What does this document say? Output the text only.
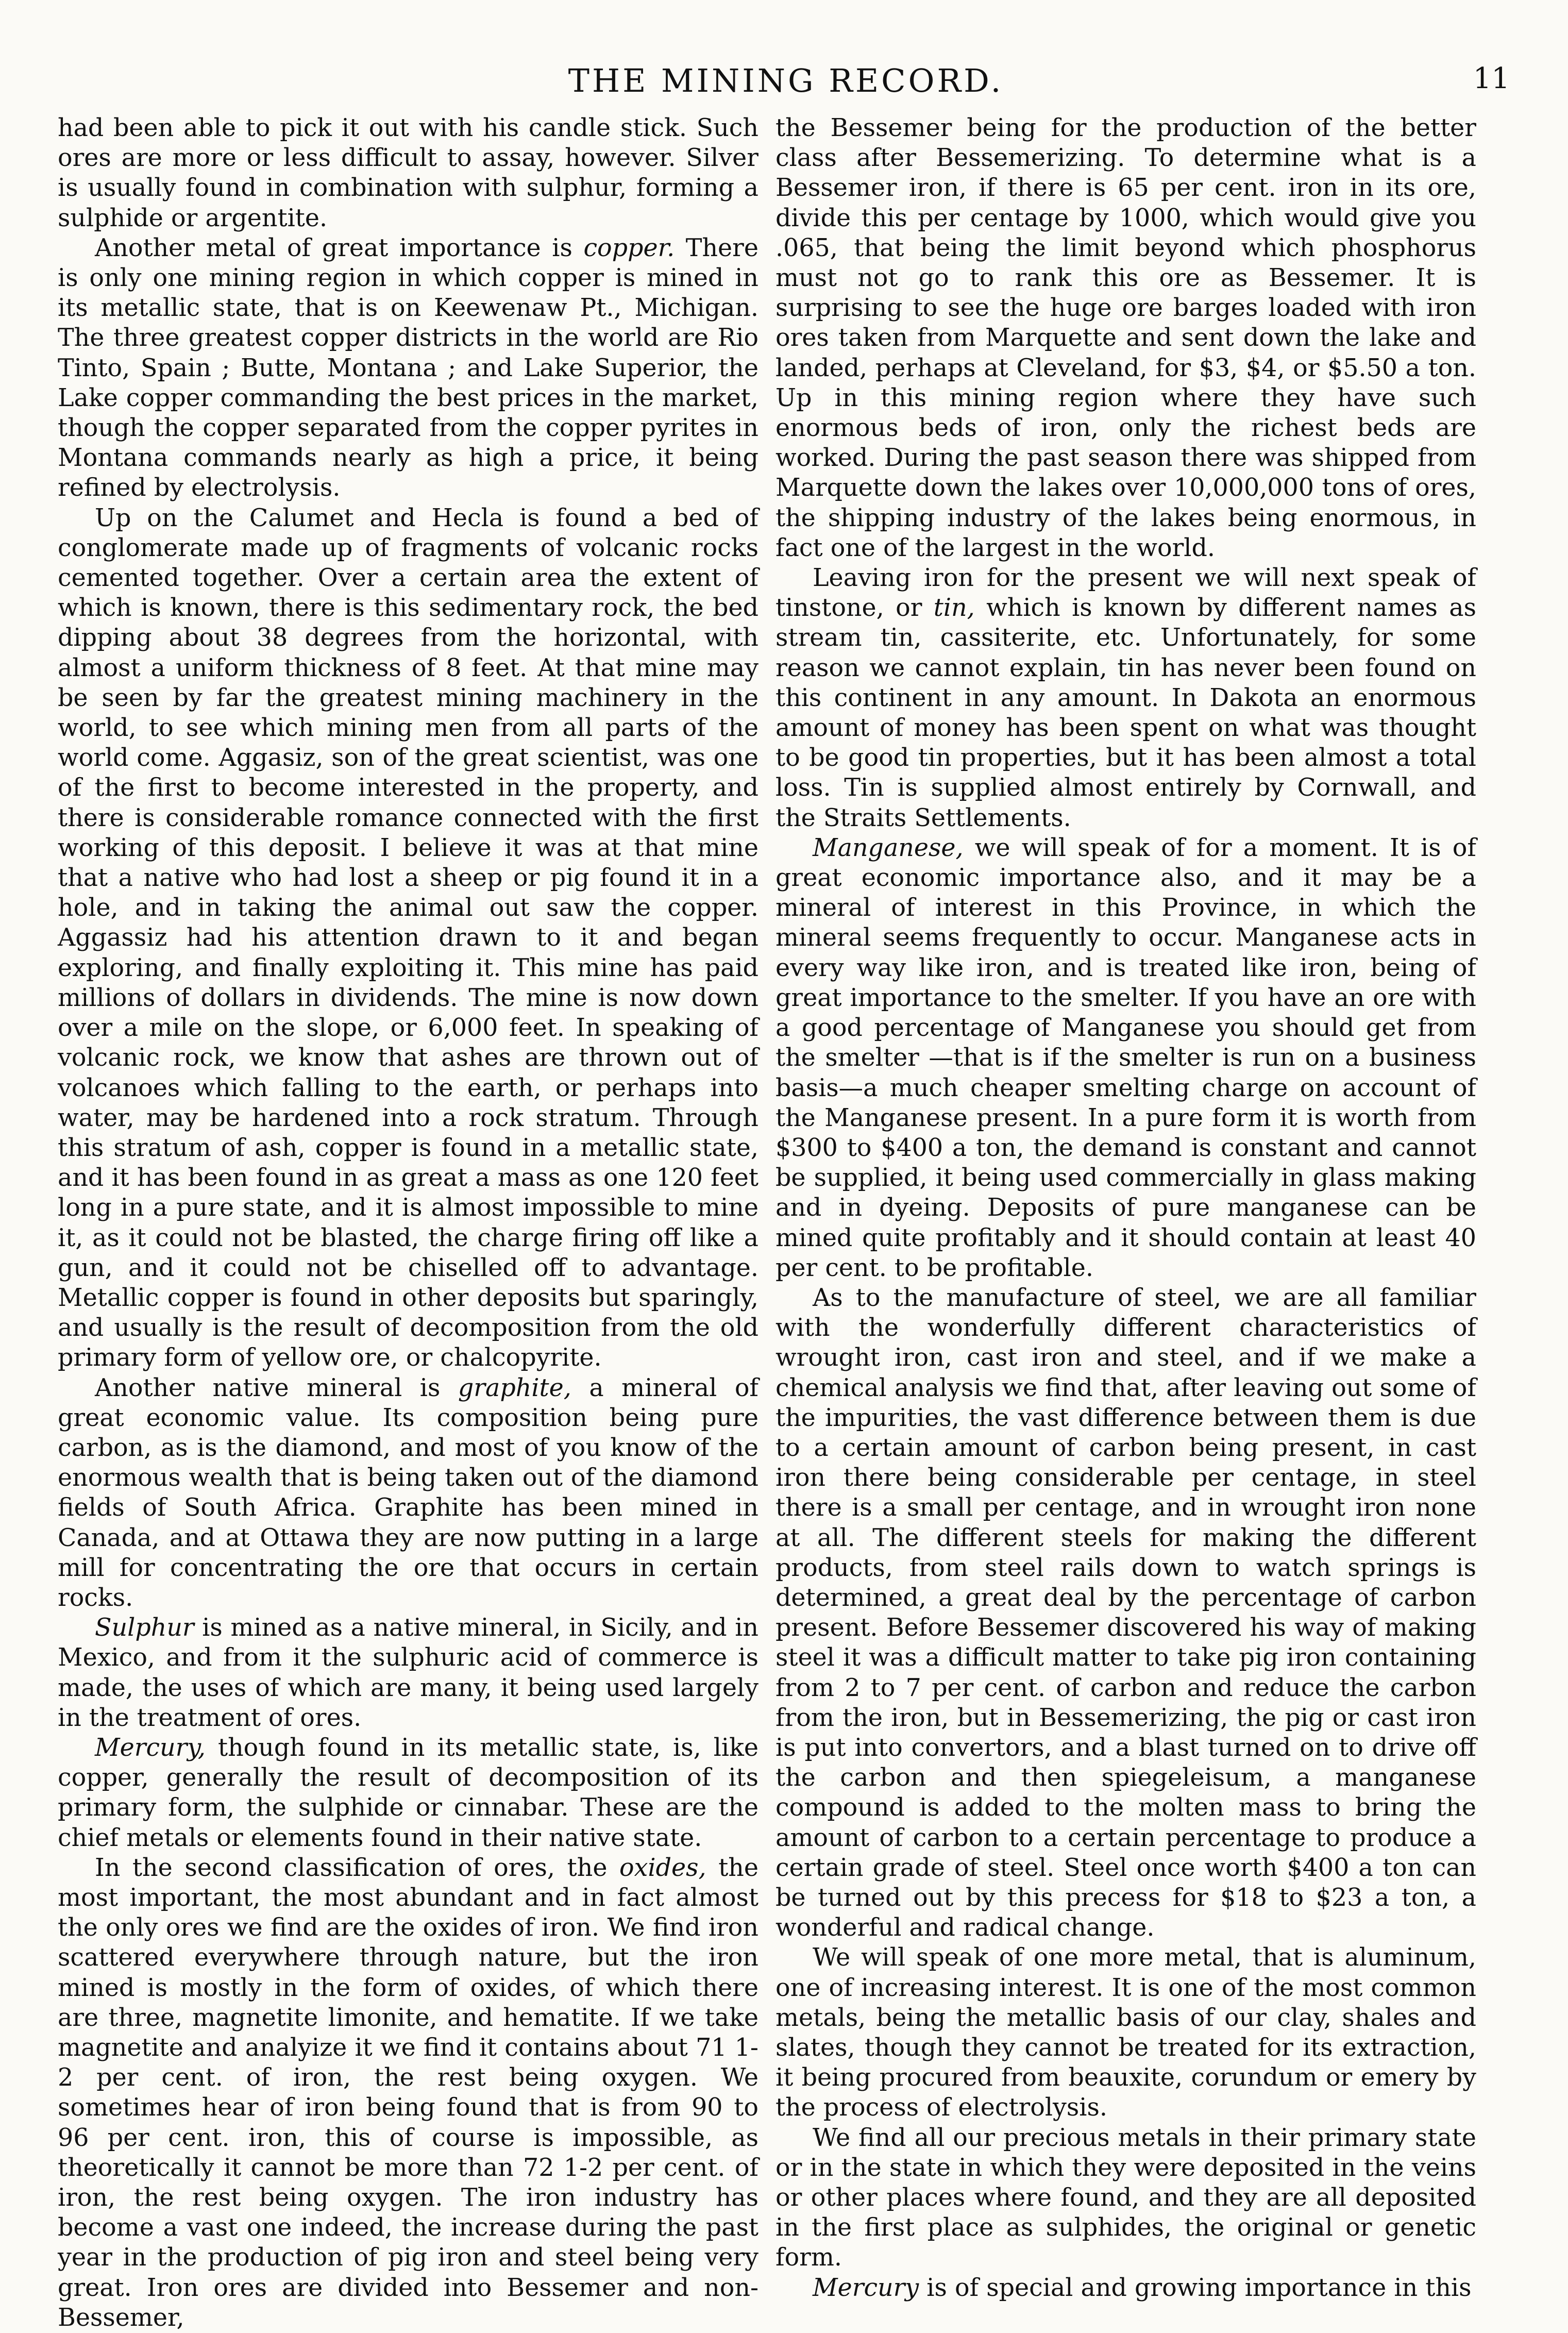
THE MINING RECORD.	11

had been able to pick it out with his candle stick. Such ores are more or less difficult to assay, however. Silver is usually found in combination with sulphur, forming a sulphide or argentite.

Another metal of great importance is copper. There is only one mining region in which copper is mined in its metallic state, that is on Keewenaw Pt., Michigan. The three greatest copper districts in the world are Rio Tinto, Spain ; Butte, Montana ; and Lake Superior, the Lake copper commanding the best prices in the market, though the copper separated from the copper pyrites in Montana commands nearly as high a price, it being refined by electrolysis.

Up on the Calumet and Hecla is found a bed of conglomerate made up of fragments of volcanic rocks cemented together. Over a certain area the extent of which is known, there is this sedimentary rock, the bed dipping about 38 degrees from the horizontal, with almost a uniform thickness of 8 feet. At that mine may be seen by far the greatest mining machinery in the world, to see which mining men from all parts of the world come. Aggasiz, son of the great scientist, was one of the first to become interested in the property, and there is considerable romance connected with the first working of this deposit. I believe it was at that mine that a native who had lost a sheep or pig found it in a hole, and in taking the animal out saw the copper. Aggassiz had his attention drawn to it and began exploring, and finally exploiting it. This mine has paid millions of dollars in dividends. The mine is now down over a mile on the slope, or 6,000 feet. In speaking of volcanic rock, we know that ashes are thrown out of volcanoes which falling to the earth, or perhaps into water, may be hardened into a rock stratum. Through this stratum of ash, copper is found in a metallic state, and it has been found in as great a mass as one 120 feet long in a pure state, and it is almost impossible to mine it, as it could not be blasted, the charge firing off like a gun, and it could not be chiselled off to advantage. Metallic copper is found in other deposits but sparingly, and usually is the result of decomposition from the old primary form of yellow ore, or chalcopyrite.

Another native mineral is graphite, a mineral of great economic value. Its composition being pure carbon, as is the diamond, and most of you know of the enormous wealth that is being taken out of the diamond fields of South Africa. Graphite has been mined in Canada, and at Ottawa they are now putting in a large mill for concentrating the ore that occurs in certain rocks.

Sulphur is mined as a native mineral, in Sicily, and in Mexico, and from it the sulphuric acid of commerce is made, the uses of which are many, it being used largely in the treatment of ores.

Mercury, though found in its metallic state, is, like copper, generally the result of decomposition of its primary form, the sulphide or cinnabar. These are the chief metals or elements found in their native state.

In the second classification of ores, the oxides, the most important, the most abundant and in fact almost the only ores we find are the oxides of iron. We find iron scattered everywhere through nature, but the iron mined is mostly in the form of oxides, of which there are three, magnetite limonite, and hematite. If we take magnetite and analyize it we find it contains about 71 1-2 per cent. of iron, the rest being oxygen. We sometimes hear of iron being found that is from 90 to 96 per cent. iron, this of course is impossible, as theoretically it cannot be more than 72 1-2 per cent. of iron, the rest being oxygen. The iron industry has become a vast one indeed, the increase during the past year in the production of pig iron and steel being very great. Iron ores are divided into Bessemer and non-Bessemer,

the Bessemer being for the production of the better class after Bessemerizing. To determine what is a Bessemer iron, if there is 65 per cent. iron in its ore, divide this per centage by 1000, which would give you .065, that being the limit beyond which phosphorus must not go to rank this ore as Bessemer. It is surprising to see the huge ore barges loaded with iron ores taken from Marquette and sent down the lake and landed, perhaps at Cleveland, for $3, $4, or $5.50 a ton. Up in this mining region where they have such enormous beds of iron, only the richest beds are worked. During the past season there was shipped from Marquette down the lakes over 10,000,000 tons of ores, the shipping industry of the lakes being enormous, in fact one of the largest in the world.

Leaving iron for the present we will next speak of tinstone, or tin, which is known by different names as stream tin, cassiterite, etc. Unfortunately, for some reason we cannot explain, tin has never been found on this continent in any amount. In Dakota an enormous amount of money has been spent on what was thought to be good tin properties, but it has been almost a total loss. Tin is supplied almost entirely by Cornwall, and the Straits Settlements.

Manganese, we will speak of for a moment. It is of great economic importance also, and it may be a mineral of interest in this Province, in which the mineral seems frequently to occur. Manganese acts in every way like iron, and is treated like iron, being of great importance to the smelter. If you have an ore with a good percentage of Manganese you should get from the smelter —that is if the smelter is run on a business basis—a much cheaper smelting charge on account of the Manganese present. In a pure form it is worth from $300 to $400 a ton, the demand is constant and cannot be supplied, it being used commercially in glass making and in dyeing. Deposits of pure manganese can be mined quite profitably and it should contain at least 40 per cent. to be profitable.

As to the manufacture of steel, we are all familiar with the wonderfully different characteristics of wrought iron, cast iron and steel, and if we make a chemical analysis we find that, after leaving out some of the impurities, the vast difference between them is due to a certain amount of carbon being present, in cast iron there being considerable per centage, in steel there is a small per centage, and in wrought iron none at all. The different steels for making the different products, from steel rails down to watch springs is determined, a great deal by the percentage of carbon present. Before Bessemer discovered his way of making steel it was a difficult matter to take pig iron containing from 2 to 7 per cent. of carbon and reduce the carbon from the iron, but in Bessemerizing, the pig or cast iron is put into convertors, and a blast turned on to drive off the carbon and then spiegeleisum, a manganese compound is added to the molten mass to bring the amount of carbon to a certain percentage to produce a certain grade of steel. Steel once worth $400 a ton can be turned out by this precess for $18 to $23 a ton, a wonderful and radical change.

We will speak of one more metal, that is aluminum, one of increasing interest. It is one of the most common metals, being the metallic basis of our clay, shales and slates, though they cannot be treated for its extraction, it being procured from beauxite, corundum or emery by the process of electrolysis.

We find all our precious metals in their primary state or in the state in which they were deposited in the veins or other places where found, and they are all deposited in the first place as sulphides, the original or genetic form.

Mercury is of special and growing importance in this
